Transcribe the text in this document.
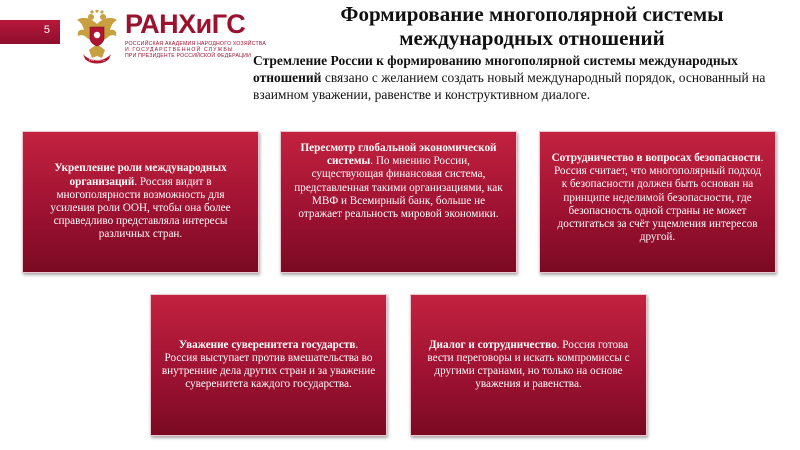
5
РАНХиГС
РАНХиГС
РОССИЙСКАЯ АКАДЕМИЯ НАРОДНОГО ХОЗЯЙСТВА
И ГОСУДАРСТВЕННОЙ СЛУЖБЫ
ПРИ ПРЕЗИДЕНТЕ РОССИЙСКОЙ ФЕДЕРАЦИИ
Формирование многополярной системы
международных отношений

Стремление России к формированию многополярной системы международных отношений связано с желанием создать новый международный порядок, основанный на взаимном уважении, равенстве и конструктивном диалоге.

Укрепление роли международных организаций. Россия видит в многополярности возможность для усиления роли ООН, чтобы она более справедливо представляла интересы различных стран.

Пересмотр глобальной экономической системы. По мнению России, существующая финансовая система, представленная такими организациями, как МВФ и Всемирный банк, больше не отражает реальность мировой экономики.

Сотрудничество в вопросах безопасности. Россия считает, что многополярный подход к безопасности должен быть основан на принципе неделимой безопасности, где безопасность одной страны не может достигаться за счёт ущемления интересов другой.

Уважение суверенитета государств. Россия выступает против вмешательства во внутренние дела других стран и за уважение суверенитета каждого государства.

Диалог и сотрудничество. Россия готова вести переговоры и искать компромиссы с другими странами, но только на основе уважения и равенства.
